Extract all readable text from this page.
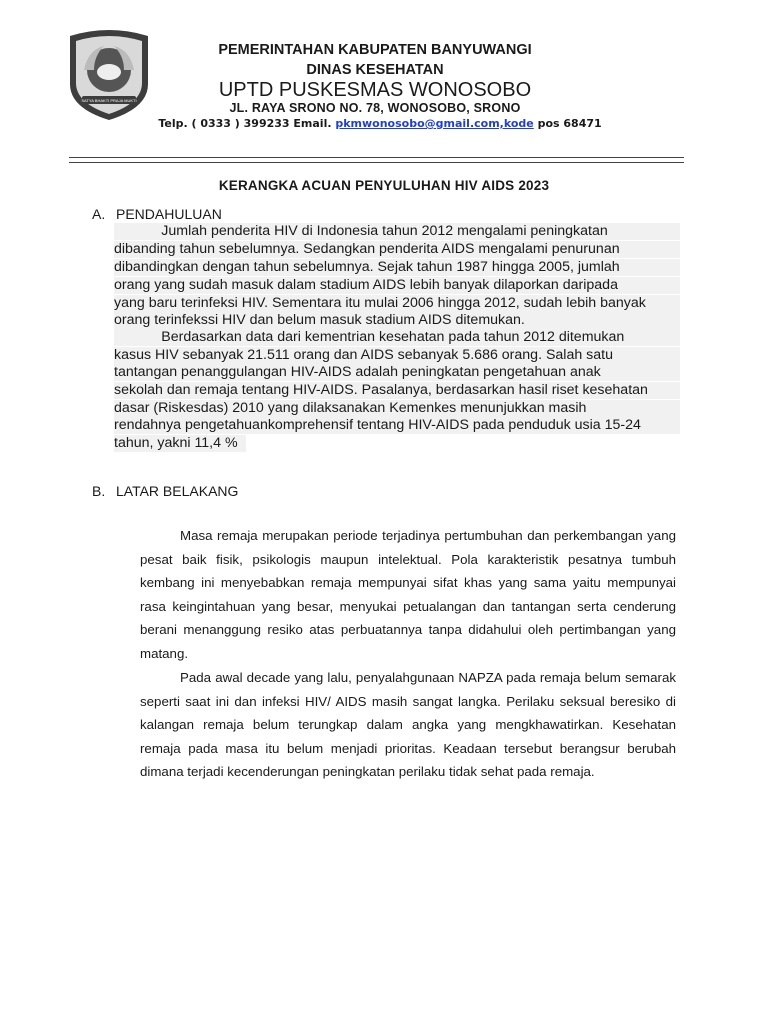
SATYA BHAKTI PRAJA MUKTI

PEMERINTAHAN KABUPATEN BANYUWANGI

DINAS KESEHATAN

UPTD PUSKESMAS WONOSOBO

JL. RAYA SRONO NO. 78, WONOSOBO, SRONO

Telp. ( 0333 ) 399233 Email. pkmwonosobo@gmail.com,kode pos 68471
KERANGKA ACUAN PENYULUHAN HIV AIDS 2023

A. PENDAHULUAN

Jumlah penderita HIV di Indonesia tahun 2012 mengalami peningkatan

dibanding tahun sebelumnya. Sedangkan penderita AIDS mengalami penurunan

dibandingkan dengan tahun sebelumnya. Sejak tahun 1987 hingga 2005, jumlah

orang yang sudah masuk dalam stadium AIDS lebih banyak dilaporkan daripada

yang baru terinfeksi HIV. Sementara itu mulai 2006 hingga 2012, sudah lebih banyak

orang terinfekssi HIV dan belum masuk stadium AIDS ditemukan.

Berdasarkan data dari kementrian kesehatan pada tahun 2012 ditemukan

kasus HIV sebanyak 21.511 orang dan AIDS sebanyak 5.686 orang. Salah satu

tantangan penanggulangan HIV-AIDS adalah peningkatan pengetahuan anak

sekolah dan remaja tentang HIV-AIDS. Pasalanya, berdasarkan hasil riset kesehatan

dasar (Riskesdas) 2010 yang dilaksanakan Kemenkes menunjukkan masih

rendahnya pengetahuankomprehensif tentang HIV-AIDS pada penduduk usia 15-24

tahun, yakni 11,4 %

B. LATAR BELAKANG

Masa remaja merupakan periode terjadinya pertumbuhan dan perkembangan yang pesat baik fisik, psikologis maupun intelektual. Pola karakteristik pesatnya tumbuh kembang ini menyebabkan remaja mempunyai sifat khas yang sama yaitu mempunyai rasa keingintahuan yang besar, menyukai petualangan dan tantangan serta cenderung berani menanggung resiko atas perbuatannya tanpa didahului oleh pertimbangan yang matang.

Pada awal decade yang lalu, penyalahgunaan NAPZA pada remaja belum semarak seperti saat ini dan infeksi HIV/ AIDS masih sangat langka. Perilaku seksual beresiko di kalangan remaja belum terungkap dalam angka yang mengkhawatirkan. Kesehatan remaja pada masa itu belum menjadi prioritas. Keadaan tersebut berangsur berubah dimana terjadi kecenderungan peningkatan perilaku tidak sehat pada remaja.
